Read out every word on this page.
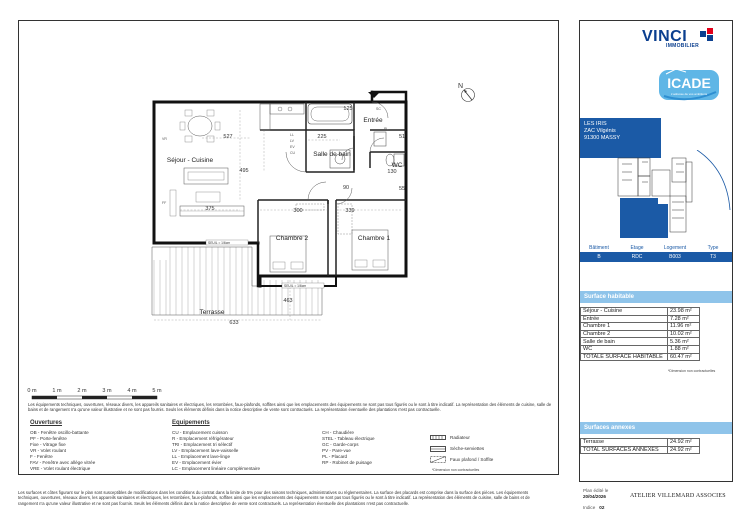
VINCI
IMMOBILIER
ICADE
L'adresse de vos ambitions
LES IRIS
ZAC Vilgénis
91300 MASSY
Bâtiment	Etage	Logement	Type
B	RDC	B003	T3
Surface habitable
Séjour - Cuisine	23.98 m²
Entrée	7.28 m²
Chambre 1	11.96 m²
Chambre 2	10.02 m²
Salle de bain	5.36 m²
WC	1.88 m²
TOTALE SURFACE HABITABLE	60.47 m²
*Dimension non contractuelles
Surfaces annexes
Terrasse	24.92 m²
TOTAL SURFACES ANNEXES	24.92 m²
N
Séjour - Cuisine
Entrée
Salle de bain
WC
Chambre 2	Chambre 1
Terrasse
527
495
375	300	339
225
130
90	55
125
51
463
633
SEUIL = 1/6cm
SEUIL = 1/6cm
VR
FF
LL
LV
EV
CU
SC
PL
0 m	1 m	2 m	3 m	4 m	5 m
Ouvertures
OB - Fenêtre oscillo-battante
PF - Porte-fenêtre
Fixe - Vitrage fixe
VR - Volet roulant
F - Fenêtre
FAV - Fenêtre avec allège vitrée
VRE - Volet roulant électrique
Equipements
CU - Emplacement cuisson
R - Emplacement réfrigérateur
TRI - Emplacement tri sélectif
LV - Emplacement lave-vaisselle
LL - Emplacement lave-linge
EV - Emplacement évier
LC - Emplacement linéaire complémentaire
CH - Chaudière
STEL - Tableau électrique
GC - Garde-corps
PV - Pare-vue
PL - Placard
RP - Robinet de puisage
Radiateur
Sèche-serviettes
Faux plafond / Soffite
*Dimension non contractuelles
Les équipements techniques, ouvertures, réseaux divers, les appareils sanitaires et électriques, les retombées, faux-plafonds, soffites ainsi que les emplacements des équipements ne sont pas tous figurés ou le sont à titre indicatif. La représentation des éléments de cuisine, salle de bains et de rangement n'a qu'une valeur illustrative et ne sont pas fournis. Seuls les éléments définis dans la notice descriptive de vente sont contractuels. La représentation éventuelle des plantations n'est pas contractuelle.
Les surfaces et côtes figurant sur le plan sont susceptibles de modifications dans les conditions du contrat dans la limite de 5% pour des raisons techniques, administratives ou réglementaires. La surface des placards est comprise dans la surface des pièces. Les équipements techniques, ouvertures, réseaux divers, les appareils sanitaires et électriques, les retombées, faux-plafonds, soffites ainsi que les emplacements des équipements ne sont pas tous figurés ou le sont à titre indicatif. La représentation des éléments de cuisine, salle de bains et de rangement n'a qu'une valeur illustrative et ne sont pas fournis. Seuls les éléments définis dans la notice descriptive de vente sont contractuels. La représentation éventuelle des plantations n'est pas contractuelle.
Plan édité le
20/04/2026
Indice 02
ATELIER VILLEMARD ASSOCIES
